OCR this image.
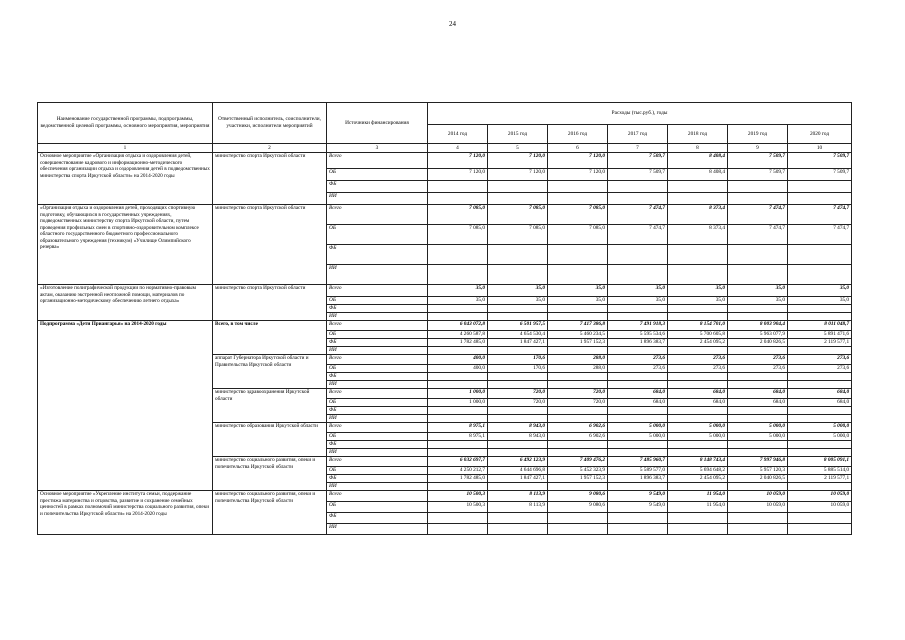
24
Наименование государственной программы, подпрограммы, ведомственной целевой программы, основного мероприятия, мероприятия	Ответственный исполнитель, соисполнители, участники, исполнители мероприятий	Источники финансирования	Расходы (тыс.руб.), годы						
			2014 год	2015 год	2016 год	2017 год	2018 год	2019 год	2020 год
1	2	3	4	5	6	7	8	9	10
Основное мероприятие «Организация отдыха и оздоровления детей, совершенствование кадрового и информационно-методического обеспечения организации отдыха и оздоровления детей в подведомственных министерства спорта Иркутской области» на 2014-2020 годы	министерство спорта Иркутской области	Всего	7 120,0	7 120,0	7 120,0	7 509,7	8 408,4	7 509,7	7 509,7
		ОБ	7 120,0	7 120,0	7 120,0	7 509,7	8 408,4	7 509,7	7 509,7
		ФБ							
		ИИ							
«Организация отдыха и оздоровления детей, проходящих спортивную подготовку, обучающихся в государственных учреждениях, подведомственных министерству спорта Иркутской области, путем проведения профильных смен в спортивно-оздоровительном комплексе областного государственного бюджетного профессионального образовательного учреждения (техникум) «Училище Олимпийского резерва»	министерство спорта Иркутской области	Всего	7 085,0	7 085,0	7 085,0	7 474,7	8 373,4	7 474,7	7 474,7
		ОБ	7 085,0	7 085,0	7 085,0	7 474,7	8 373,4	7 474,7	7 474,7
		ФБ							
		ИИ							
«Изготовление полиграфической продукции по нормативно-правовым актам, оказанию экстренной неотложной помощи, материалов по организационно-методическому обеспечению летнего отдыха»	министерство спорта Иркутской области	Всего	35,0	35,0	35,0	35,0	35,0	35,0	35,0
		ОБ	35,0	35,0	35,0	35,0	35,0	35,0	35,0
		ФБ							
		ИИ							
Подпрограмма «Дети Приангарья» на 2014-2020 годы	Всего, в том числе	Всего	6 043 072,8	6 501 957,5	7 417 386,8	7 491 918,3	8 154 701,0	8 003 904,4	8 011 048,7
		ОБ	4 260 587,8	4 654 530,4	5 460 234,5	5 595 534,6	5 700 605,8	5 963 077,9	5 891 471,6
		ФБ	1 782 485,0	1 847 427,1	1 957 152,3	1 896 383,7	2 454 095,2	2 040 826,5	2 119 577,1
		ИИ							
	аппарат Губернатора Иркутской области и Правительства Иркутской области	Всего	400,0	170,6	288,0	273,6	273,6	273,6	273,6
		ОБ	400,0	170,6	288,0	273,6	273,6	273,6	273,6
		ФБ							
		ИИ							
	министерство здравоохранения Иркутской области	Всего	1 000,0	720,0	720,0	684,0	684,0	684,0	684,0
		ОБ	1 000,0	720,0	720,0	684,0	684,0	684,0	684,0
		ФБ							
		ИИ							
	министерство образования Иркутской области	Всего	8 975,1	8 943,0	6 902,6	5 000,0	5 000,0	5 000,0	5 000,0
		ОБ	8 975,1	8 943,0	6 902,6	5 000,0	5 000,0	5 000,0	5 000,0
		ФБ							
		ИИ							
	министерство социального развития, опеки и попечительства Иркутской области	Всего	6 032 697,7	6 492 123,9	7 409 476,2	7 485 960,7	8 148 743,4	7 997 946,8	8 005 091,1
		ОБ	4 250 212,7	4 644 696,8	5 452 323,9	5 589 577,0	5 694 648,2	5 957 120,3	5 885 514,0
		ФБ	1 782 485,0	1 847 427,1	1 957 152,3	1 896 383,7	2 454 095,2	2 040 826,5	2 119 577,1
		ИИ							
Основное мероприятие «Укрепление института семьи, поддержание престижа материнства и отцовства, развитие и сохранение семейных ценностей в рамках полномочий министерства социального развития, опеки и попечительства Иркутской области» на 2014-2020 годы	министерство социального развития, опеки и попечительства Иркутской области	Всего	10 500,3	8 113,9	9 080,6	9 549,0	11 954,0	10 059,0	10 059,0
		ОБ	10 500,3	8 113,9	9 080,6	9 549,0	11 954,0	10 059,0	10 059,0
		ФБ							
		ИИ							
